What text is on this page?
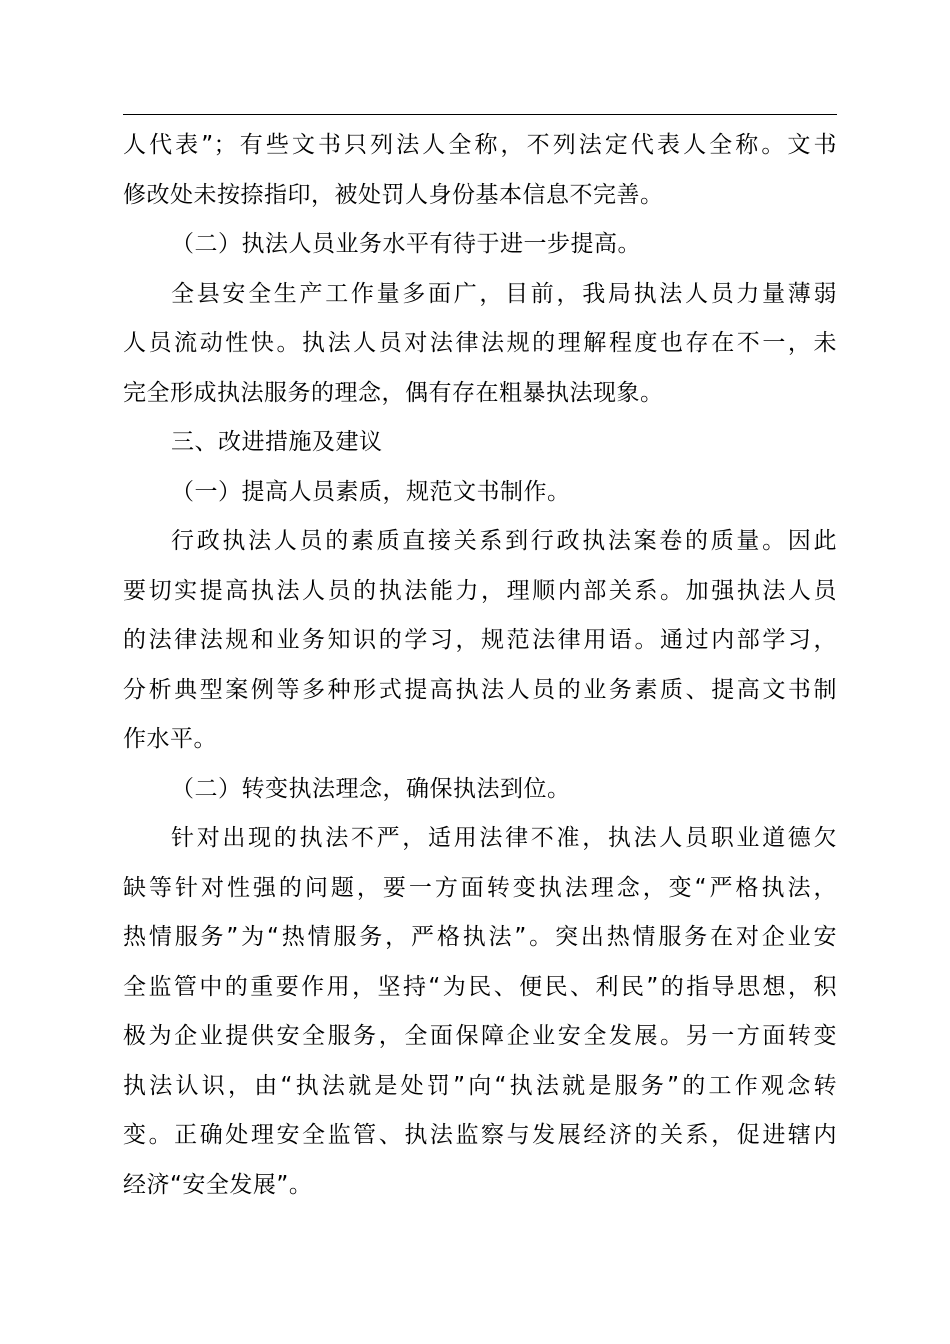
人代表”；有些文书只列法人全称，不列法定代表人全称。文书
修改处未按捺指印，被处罚人身份基本信息不完善。
（二）执法人员业务水平有待于进一步提高。
全县安全生产工作量多面广，目前，我局执法人员力量薄弱
人员流动性快。执法人员对法律法规的理解程度也存在不一，未
完全形成执法服务的理念，偶有存在粗暴执法现象。
三、改进措施及建议
（一）提高人员素质，规范文书制作。
行政执法人员的素质直接关系到行政执法案卷的质量。因此
要切实提高执法人员的执法能力，理顺内部关系。加强执法人员
的法律法规和业务知识的学习，规范法律用语。通过内部学习，
分析典型案例等多种形式提高执法人员的业务素质、提高文书制
作水平。
（二）转变执法理念，确保执法到位。
针对出现的执法不严，适用法律不准，执法人员职业道德欠
缺等针对性强的问题，要一方面转变执法理念，变“严格执法，
热情服务”为“热情服务，严格执法”。突出热情服务在对企业安
全监管中的重要作用，坚持“为民、便民、利民”的指导思想，积
极为企业提供安全服务，全面保障企业安全发展。另一方面转变
执法认识，由“执法就是处罚”向“执法就是服务”的工作观念转
变。正确处理安全监管、执法监察与发展经济的关系，促进辖内
经济“安全发展”。
